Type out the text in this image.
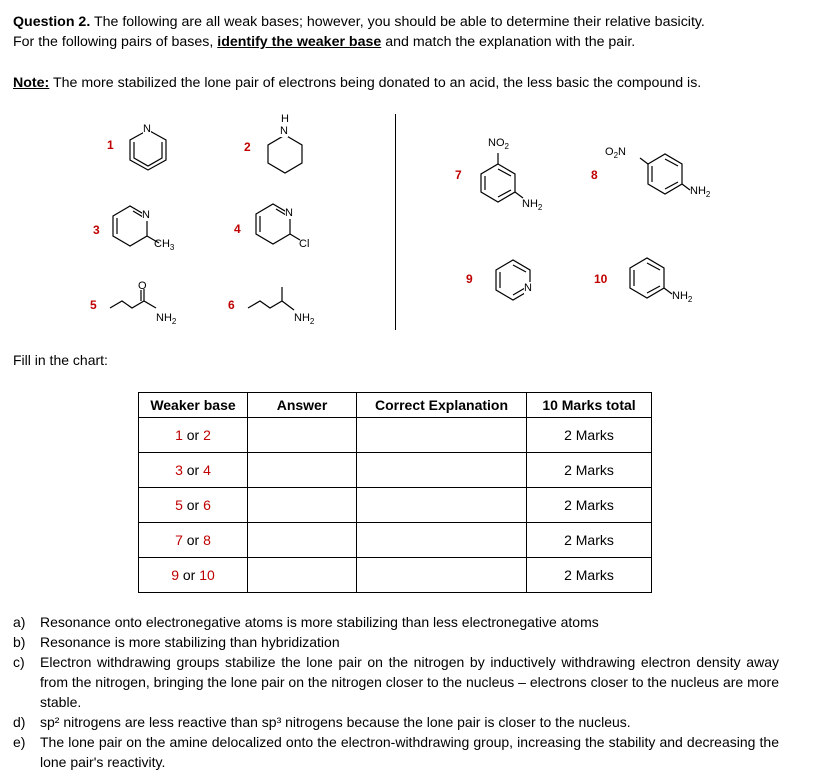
Question 2. The following are all weak bases; however, you should be able to determine their relative basicity.
For the following pairs of bases, identify the weaker base and match the explanation with the pair.
Note: The more stabilized the lone pair of electrons being donated to an acid, the less basic the compound is.
1
N
2
H
N
3
N
$CH_3$
4
N
Cl
5
O
$NH_2$
6
$NH_2$
7
$NO_2$
$NH_2$
8
$O_2N$
$NH_2$
9
N
10
$NH_2$
Fill in the chart:
Weaker base	Answer	Correct Explanation	10 Marks total
1 or 2			2 Marks
3 or 4			2 Marks
5 or 6			2 Marks
7 or 8			2 Marks
9 or 10			2 Marks
a)	Resonance onto electronegative atoms is more stabilizing than less electronegative atoms
b)	Resonance is more stabilizing than hybridization
c)	Electron withdrawing groups stabilize the lone pair on the nitrogen by inductively withdrawing electron density away from the nitrogen, bringing the lone pair on the nitrogen closer to the nucleus – electrons closer to the nucleus are more stable.
d)	sp² nitrogens are less reactive than sp³ nitrogens because the lone pair is closer to the nucleus.
e)	The lone pair on the amine delocalized onto the electron-withdrawing group, increasing the stability and decreasing the lone pair's reactivity.
